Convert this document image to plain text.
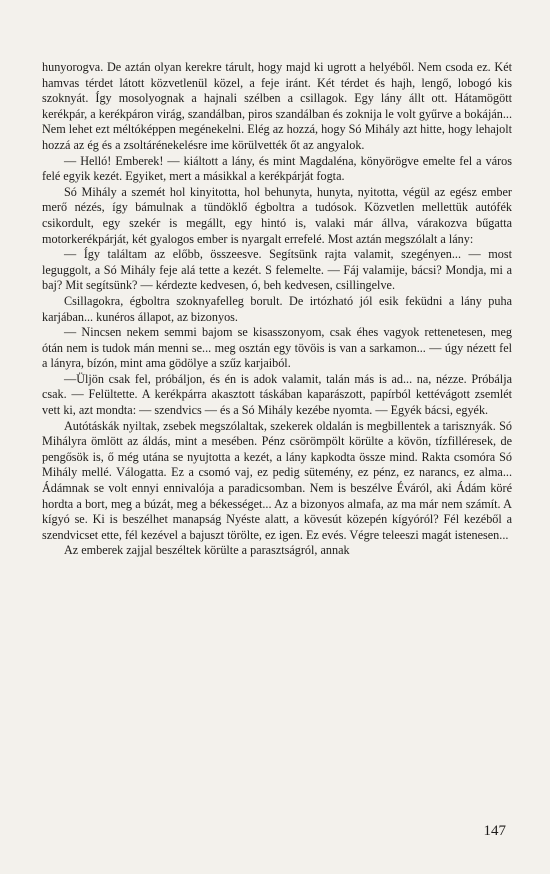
hunyorogva. De aztán olyan kerekre tárult, hogy majd ki ugrott a helyéből. Nem csoda ez. Két hamvas térdet látott közvetlenül közel, a feje iránt. Két térdet és hajh, lengő, lobogó kis szoknyát. Így mosolyognak a hajnali szélben a csillagok. Egy lány állt ott. Hátamögött kerékpár, a kerékpáron virág, szandálban, piros szandálban és zoknija le volt gyűrve a bokáján... Nem lehet ezt méltóképpen megénekelni. Elég az hozzá, hogy Só Mihály azt hitte, hogy lehajolt hozzá az ég és a zsoltárénekelésre ime körülvették őt az angyalok.

— Helló! Emberek! — kiáltott a lány, és mint Magdaléna, könyörögve emelte fel a város felé egyik kezét. Egyiket, mert a másikkal a kerékpárját fogta.

Só Mihály a szemét hol kinyitotta, hol behunyta, hunyta, nyitotta, végül az egész ember merő nézés, így bámulnak a tündöklő égboltra a tudósok. Közvetlen mellettük autófék csikordult, egy szekér is megállt, egy hintó is, valaki már állva, várakozva bűgatta motorkerékpárját, két gyalogos ember is nyargalt errefelé. Most aztán megszólalt a lány:

— Így találtam az előbb, összeesve. Segítsünk rajta valamit, szegényen... — most leguggolt, a Só Mihály feje alá tette a kezét. S felemelte. — Fáj valamije, bácsi? Mondja, mi a baj? Mit segítsünk? — kérdezte kedvesen, ó, beh kedvesen, csillingelve.

Csillagokra, égboltra szoknyafelleg borult. De irtózható jól esik feküdni a lány puha karjában... kunéros állapot, az bizonyos.

— Nincsen nekem semmi bajom se kisasszonyom, csak éhes vagyok rettenetesen, meg ótán nem is tudok mán menni se... meg osztán egy tövöis is van a sarkamon... — úgy nézett fel a lányra, bízón, mint ama gödölye a szűz karjaiból.

—Üljön csak fel, próbáljon, és én is adok valamit, talán más is ad... na, nézze. Próbálja csak. — Felültette. A kerékpárra akasztott táskában kaparászott, papírból kettévágott zsemlét vett ki, azt mondta: — szendvics — és a Só Mihály kezébe nyomta. — Egyék bácsi, egyék.

Autótáskák nyiltak, zsebek megszólaltak, szekerek oldalán is megbillentek a tarisznyák. Só Mihályra ömlött az áldás, mint a mesében. Pénz csörömpölt körülte a kövön, tízfilléresek, de pengősök is, ő még utána se nyujtotta a kezét, a lány kapkodta össze mind. Rakta csomóra Só Mihály mellé. Válogatta. Ez a csomó vaj, ez pedig sütemény, ez pénz, ez narancs, ez alma... Ádámnak se volt ennyi ennivalója a paradicsomban. Nem is beszélve Éváról, aki Ádám köré hordta a bort, meg a búzát, meg a békességet... Az a bizonyos almafa, az ma már nem számít. A kígyó se. Ki is beszélhet manapság Nyéste alatt, a kövesút közepén kígyóról? Fél kezéből a szendvicset ette, fél kezével a bajuszt törölte, ez igen. Ez evés. Végre teleeszi magát istenesen...

Az emberek zajjal beszéltek körülte a parasztságról, annak

147
